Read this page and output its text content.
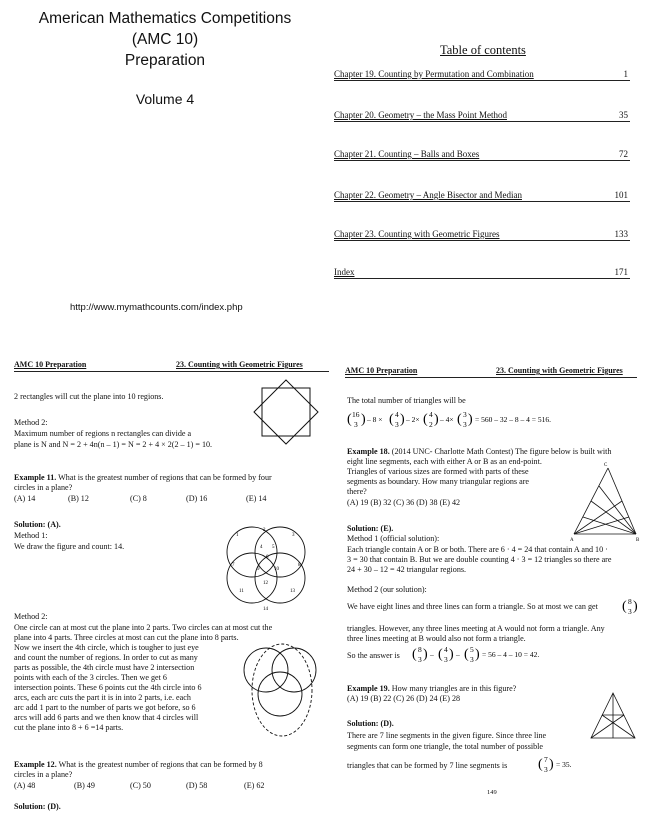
American Mathematics Competitions
(AMC 10)
Preparation
Volume 4
http://www.mymathcounts.com/index.php
Table of contents
Chapter 19. Counting by Permutation and Combination	1
Chapter 20. Geometry – the Mass Point Method	35
Chapter 21. Counting – Balls and Boxes	72
Chapter 22. Geometry – Angle Bisector and Median	101
Chapter 23. Counting with Geometric Figures	133
Index	171
AMC 10 Preparation	23. Counting with Geometric Figures
2 rectangles will cut the plane into 10 regions.
Method 2:
Maximum number of regions n rectangles can divide a
plane is N and N = 2 + 4n(n – 1) = N = 2 + 4 × 2(2 – 1) = 10.
Example 11. What is the greatest number of regions that can be formed by four
circles in a plane?
(A) 14	(B) 12	(C) 8	(D) 16	(E) 14
Solution: (A).
Method 1:
We draw the figure and count: 14.
1
2
3
4 5
6
7	8
9	10
11
12
13
14
Method 2:
One circle can at most cut the plane into 2 parts. Two circles can at most cut the
plane into 4 parts. Three circles at most can cut the plane into 8 parts.
Now we insert the 4th circle, which is tougher to just eye
and count the number of regions. In order to cut as many
parts as possible, the 4th circle must have 2 intersection
points with each of the 3 circles. Then we get 6
intersection points. These 6 points cut the 4th circle into 6
arcs, each arc cuts the part it is in into 2 parts, i.e. each
arc add 1 part to the number of parts we got before, so 6
arcs will add 6 parts and we then know that 4 circles will
cut the plane into 8 + 6 =14 parts.
Example 12. What is the greatest number of regions that can be formed by 8
circles in a plane?
(A) 48	(B) 49	(C) 50	(D) 58	(E) 62
Solution: (D).
AMC 10 Preparation	23. Counting with Geometric Figures
The total number of triangles will be
( 16
3 ) – 8 × ( 4
3 ) – 2× ( 4
2 ) – 4× ( 3
3 ) = 560 – 32 – 8 – 4 = 516.
Example 18. (2014 UNC- Charlotte Math Contest) The figure below is built with
eight line segments, each with either A or B as an end-point.
Triangles of various sizes are formed with parts of these
segments as boundary. How many triangular regions are
there?
(A) 19 (B) 32 (C) 36 (D) 38 (E) 42
C
A	B
Solution: (E).
Method 1 (official solution):
Each triangle contain A or B or both. There are 6 · 4 = 24 that contain A and 10 ·
3 = 30 that contain B. But we are double counting 4 · 3 = 12 triangles so there are
24 + 30 – 12 = 42 triangular regions.
Method 2 (our solution):
We have eight lines and three lines can form a triangle. So at most we can get ( 8
3 )
triangles. However, any three lines meeting at A would not form a triangle. Any
three lines meeting at B would also not form a triangle.
So the answer is ( 8
3 ) – ( 4
3 ) – ( 5
3 ) = 56 – 4 – 10 = 42.
Example 19. How many triangles are in this figure?
(A) 19 (B) 22 (C) 26 (D) 24 (E) 28
Solution: (D).
There are 7 line segments in the given figure. Since three line
segments can form one triangle, the total number of possible
triangles that can be formed by 7 line segments is ( 7
3 ) = 35.
149
